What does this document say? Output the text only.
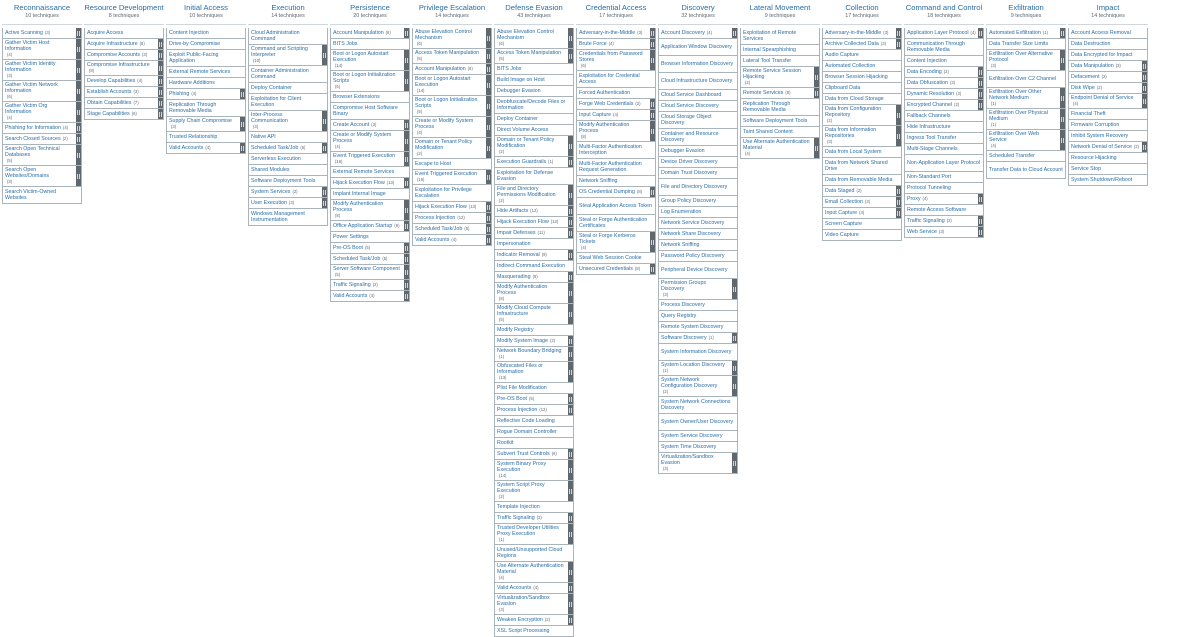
Reconnaissance
10 techniques
Active Scanning (3)
Gather Victim Host Information
(4)
Gather Victim Identity Information
(3)
Gather Victim Network Information
(6)
Gather Victim Org Information
(4)
Phishing for Information (4)
Search Closed Sources (2)
Search Open Technical Databases
(5)
Search Open Websites/Domains
(3)
Search Victim-Owned Websites
Resource Development
8 techniques
Acquire Access
Acquire Infrastructure (8)
Compromise Accounts (3)
Compromise Infrastructure
(8)
Develop Capabilities (4)
Establish Accounts (3)
Obtain Capabilities (7)
Stage Capabilities (6)
Initial Access
10 techniques
Content Injection
Drive-by Compromise
Exploit Public-Facing Application
External Remote Services
Hardware Additions
Phishing (4)
Replication Through Removable Media
Supply Chain Compromise
(3)
Trusted Relationship
Valid Accounts (4)
Execution
14 techniques
Cloud Administration Command
Command and Scripting Interpreter
(10)
Container Administration Command
Deploy Container
Exploitation for Client Execution
Inter-Process Communication
(3)
Native API
Scheduled Task/Job (5)
Serverless Execution
Shared Modules
Software Deployment Tools
System Services (2)
User Execution (3)
Windows Management Instrumentation
Persistence
20 techniques
Account Manipulation (6)
BITS Jobs
Boot or Logon Autostart Execution
(14)
Boot or Logon Initialization Scripts
(5)
Browser Extensions
Compromise Host Software Binary
Create Account (3)
Create or Modify System Process
(4)
Event Triggered Execution
(16)
External Remote Services
Hijack Execution Flow (13)
Implant Internal Image
Modify Authentication Process
(8)
Office Application Startup (6)
Power Settings
Pre-OS Boot (5)
Scheduled Task/Job (5)
Server Software Component
(5)
Traffic Signaling (2)
Valid Accounts (4)
Privilege Escalation
14 techniques
Abuse Elevation Control Mechanism
(6)
Access Token Manipulation
(5)
Account Manipulation (6)
Boot or Logon Autostart Execution
(14)
Boot or Logon Initialization Scripts
(5)
Create or Modify System Process
(4)
Domain or Tenant Policy Modification
(2)
Escape to Host
Event Triggered Execution
(16)
Exploitation for Privilege Escalation
Hijack Execution Flow (13)
Process Injection (12)
Scheduled Task/Job (5)
Valid Accounts (4)
Defense Evasion
43 techniques
Abuse Elevation Control Mechanism
(6)
Access Token Manipulation
(5)
BITS Jobs
Build Image on Host
Debugger Evasion
Deobfuscate/Decode Files or Information
Deploy Container
Direct Volume Access
Domain or Tenant Policy Modification
(2)
Execution Guardrails (1)
Exploitation for Defense Evasion
File and Directory Permissions Modification
(2)
Hide Artifacts (12)
Hijack Execution Flow (13)
Impair Defenses (11)
Impersonation
Indicator Removal (9)
Indirect Command Execution
Masquerading (9)
Modify Authentication Process
(8)
Modify Cloud Compute Infrastructure
(5)
Modify Registry
Modify System Image (2)
Network Boundary Bridging
(1)
Obfuscated Files or Information
(13)
Plist File Modification
Pre-OS Boot (5)
Process Injection (12)
Reflective Code Loading
Rogue Domain Controller
Rootkit
Subvert Trust Controls (6)
System Binary Proxy Execution
(14)
System Script Proxy Execution
(2)
Template Injection
Traffic Signaling (2)
Trusted Developer Utilities Proxy Execution
(1)
Unused/Unsupported Cloud Regions
Use Alternate Authentication Material
(4)
Valid Accounts (4)
Virtualization/Sandbox Evasion
(3)
Weaken Encryption (2)
XSL Script Processing
Credential Access
17 techniques
Adversary-in-the-Middle (3)
Brute Force (4)
Credentials from Password Stores
(6)
Exploitation for Credential Access
Forced Authentication
Forge Web Credentials (2)
Input Capture (4)
Modify Authentication Process
(8)
Multi-Factor Authentication Interception
Multi-Factor Authentication Request Generation
Network Sniffing
OS Credential Dumping (8)
Steal Application Access Token
Steal or Forge Authentication Certificates
Steal or Forge Kerberos Tickets
(4)
Steal Web Session Cookie
Unsecured Credentials (8)
Discovery
32 techniques
Account Discovery (4)
Application Window Discovery
Browser Information Discovery
Cloud Infrastructure Discovery
Cloud Service Dashboard
Cloud Service Discovery
Cloud Storage Object Discovery
Container and Resource Discovery
Debugger Evasion
Device Driver Discovery
Domain Trust Discovery
File and Directory Discovery
Group Policy Discovery
Log Enumeration
Network Service Discovery
Network Share Discovery
Network Sniffing
Password Policy Discovery
Peripheral Device Discovery
Permission Groups Discovery
(3)
Process Discovery
Query Registry
Remote System Discovery
Software Discovery (1)
System Information Discovery
System Location Discovery
(1)
System Network Configuration Discovery
(2)
System Network Connections Discovery
System Owner/User Discovery
System Service Discovery
System Time Discovery
Virtualization/Sandbox Evasion
(3)
Lateral Movement
9 techniques
Exploitation of Remote Services
Internal Spearphishing
Lateral Tool Transfer
Remote Service Session Hijacking
(2)
Remote Services (8)
Replication Through Removable Media
Software Deployment Tools
Taint Shared Content
Use Alternate Authentication Material
(4)
Collection
17 techniques
Adversary-in-the-Middle (3)
Archive Collected Data (3)
Audio Capture
Automated Collection
Browser Session Hijacking
Clipboard Data
Data from Cloud Storage
Data from Configuration Repository
(2)
Data from Information Repositories
(3)
Data from Local System
Data from Network Shared Drive
Data from Removable Media
Data Staged (2)
Email Collection (3)
Input Capture (4)
Screen Capture
Video Capture
Command and Control
18 techniques
Application Layer Protocol (4)
Communication Through Removable Media
Content Injection
Data Encoding (2)
Data Obfuscation (3)
Dynamic Resolution (3)
Encrypted Channel (2)
Fallback Channels
Hide Infrastructure
Ingress Tool Transfer
Multi-Stage Channels
Non-Application Layer Protocol
Non-Standard Port
Protocol Tunneling
Proxy (4)
Remote Access Software
Traffic Signaling (2)
Web Service (3)
Exfiltration
9 techniques
Automated Exfiltration (1)
Data Transfer Size Limits
Exfiltration Over Alternative Protocol
(3)
Exfiltration Over C2 Channel
Exfiltration Over Other Network Medium
(1)
Exfiltration Over Physical Medium
(1)
Exfiltration Over Web Service
(4)
Scheduled Transfer
Transfer Data to Cloud Account
Impact
14 techniques
Account Access Removal
Data Destruction
Data Encrypted for Impact
Data Manipulation (3)
Defacement (2)
Disk Wipe (2)
Endpoint Denial of Service
(4)
Financial Theft
Firmware Corruption
Inhibit System Recovery
Network Denial of Service (2)
Resource Hijacking
Service Stop
System Shutdown/Reboot
